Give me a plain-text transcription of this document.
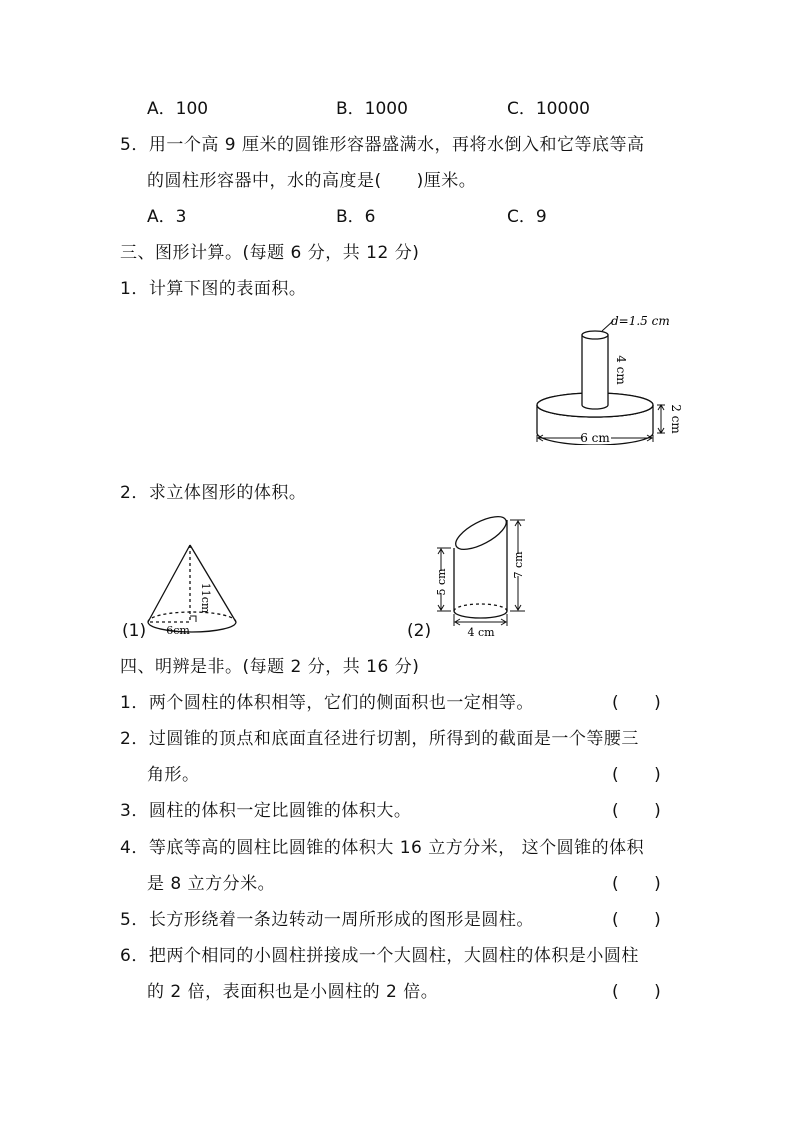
A．100	B．1000	C．10000
5．用一个高 9 厘米的圆锥形容器盛满水，再将水倒入和它等底等高
的圆柱形容器中，水的高度是(　　)厘米。
A．3	B．6	C．9
三、图形计算。(每题 6 分，共 12 分)
1．计算下图的表面积。
d=1.5 cm
4 cm
2 cm
6 cm
2．求立体图形的体积。
(1)
11cm
6cm	(2)
5 cm
7 cm
4 cm
四、明辨是非。(每题 2 分，共 16 分)
1．两个圆柱的体积相等，它们的侧面积也一定相等。	(　　)
2．过圆锥的顶点和底面直径进行切割，所得到的截面是一个等腰三
角形。	(　　)
3．圆柱的体积一定比圆锥的体积大。	(　　)
4．等底等高的圆柱比圆锥的体积大 16 立方分米， 这个圆锥的体积
是 8 立方分米。	(　　)
5．长方形绕着一条边转动一周所形成的图形是圆柱。	(　　)
6．把两个相同的小圆柱拼接成一个大圆柱，大圆柱的体积是小圆柱
的 2 倍，表面积也是小圆柱的 2 倍。	(　　)
